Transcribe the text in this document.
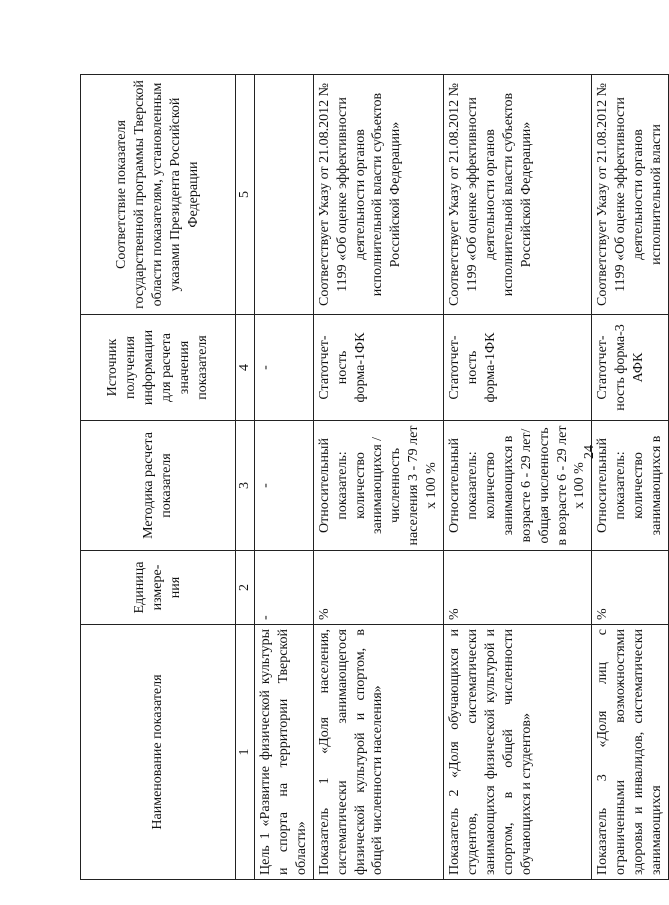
24
Наименование показателя	Единица измере-ния	Методика расчета показателя	Источник получения информации для расчета значения показателя	Соответствие показателя государственной программы Тверской области показателям, установленным указами Президента Российской Федерации
1	2	3	4	5
Цель 1 «Развитие физической культуры и спорта на территории Тверской области»	-	-	-	
Показатель 1 «Доля населения, систематически занимающегося физической культурой и спортом, в общей численности населения»	%	Относительный показатель: количество занимающихся / численность населения 3 - 79 лет х 100 %	Статотчет-ность форма-1ФК	Соответствует Указу от 21.08.2012 № 1199 «Об оценке эффективности деятельности органов исполнительной власти субъектов Российской Федерации»
Показатель 2 «Доля обучающихся и студентов, систематически занимающихся физической культурой и спортом, в общей численности обучающихся и студентов»	%	Относительный показатель: количество занимающихся в возрасте 6 - 29 лет/ общая численность в возрасте 6 - 29 лет х 100 %	Статотчет-ность форма-1ФК	Соответствует Указу от 21.08.2012 № 1199 «Об оценке эффективности деятельности органов исполнительной власти субъектов Российской Федерации»
Показатель 3 «Доля лиц с ограниченными возможностями здоровья и инвалидов, систематически занимающихся	%	Относительный показатель: количество занимающихся в	Статотчет-ность форма-3 АФК	Соответствует Указу от 21.08.2012 № 1199 «Об оценке эффективности деятельности органов исполнительной власти
